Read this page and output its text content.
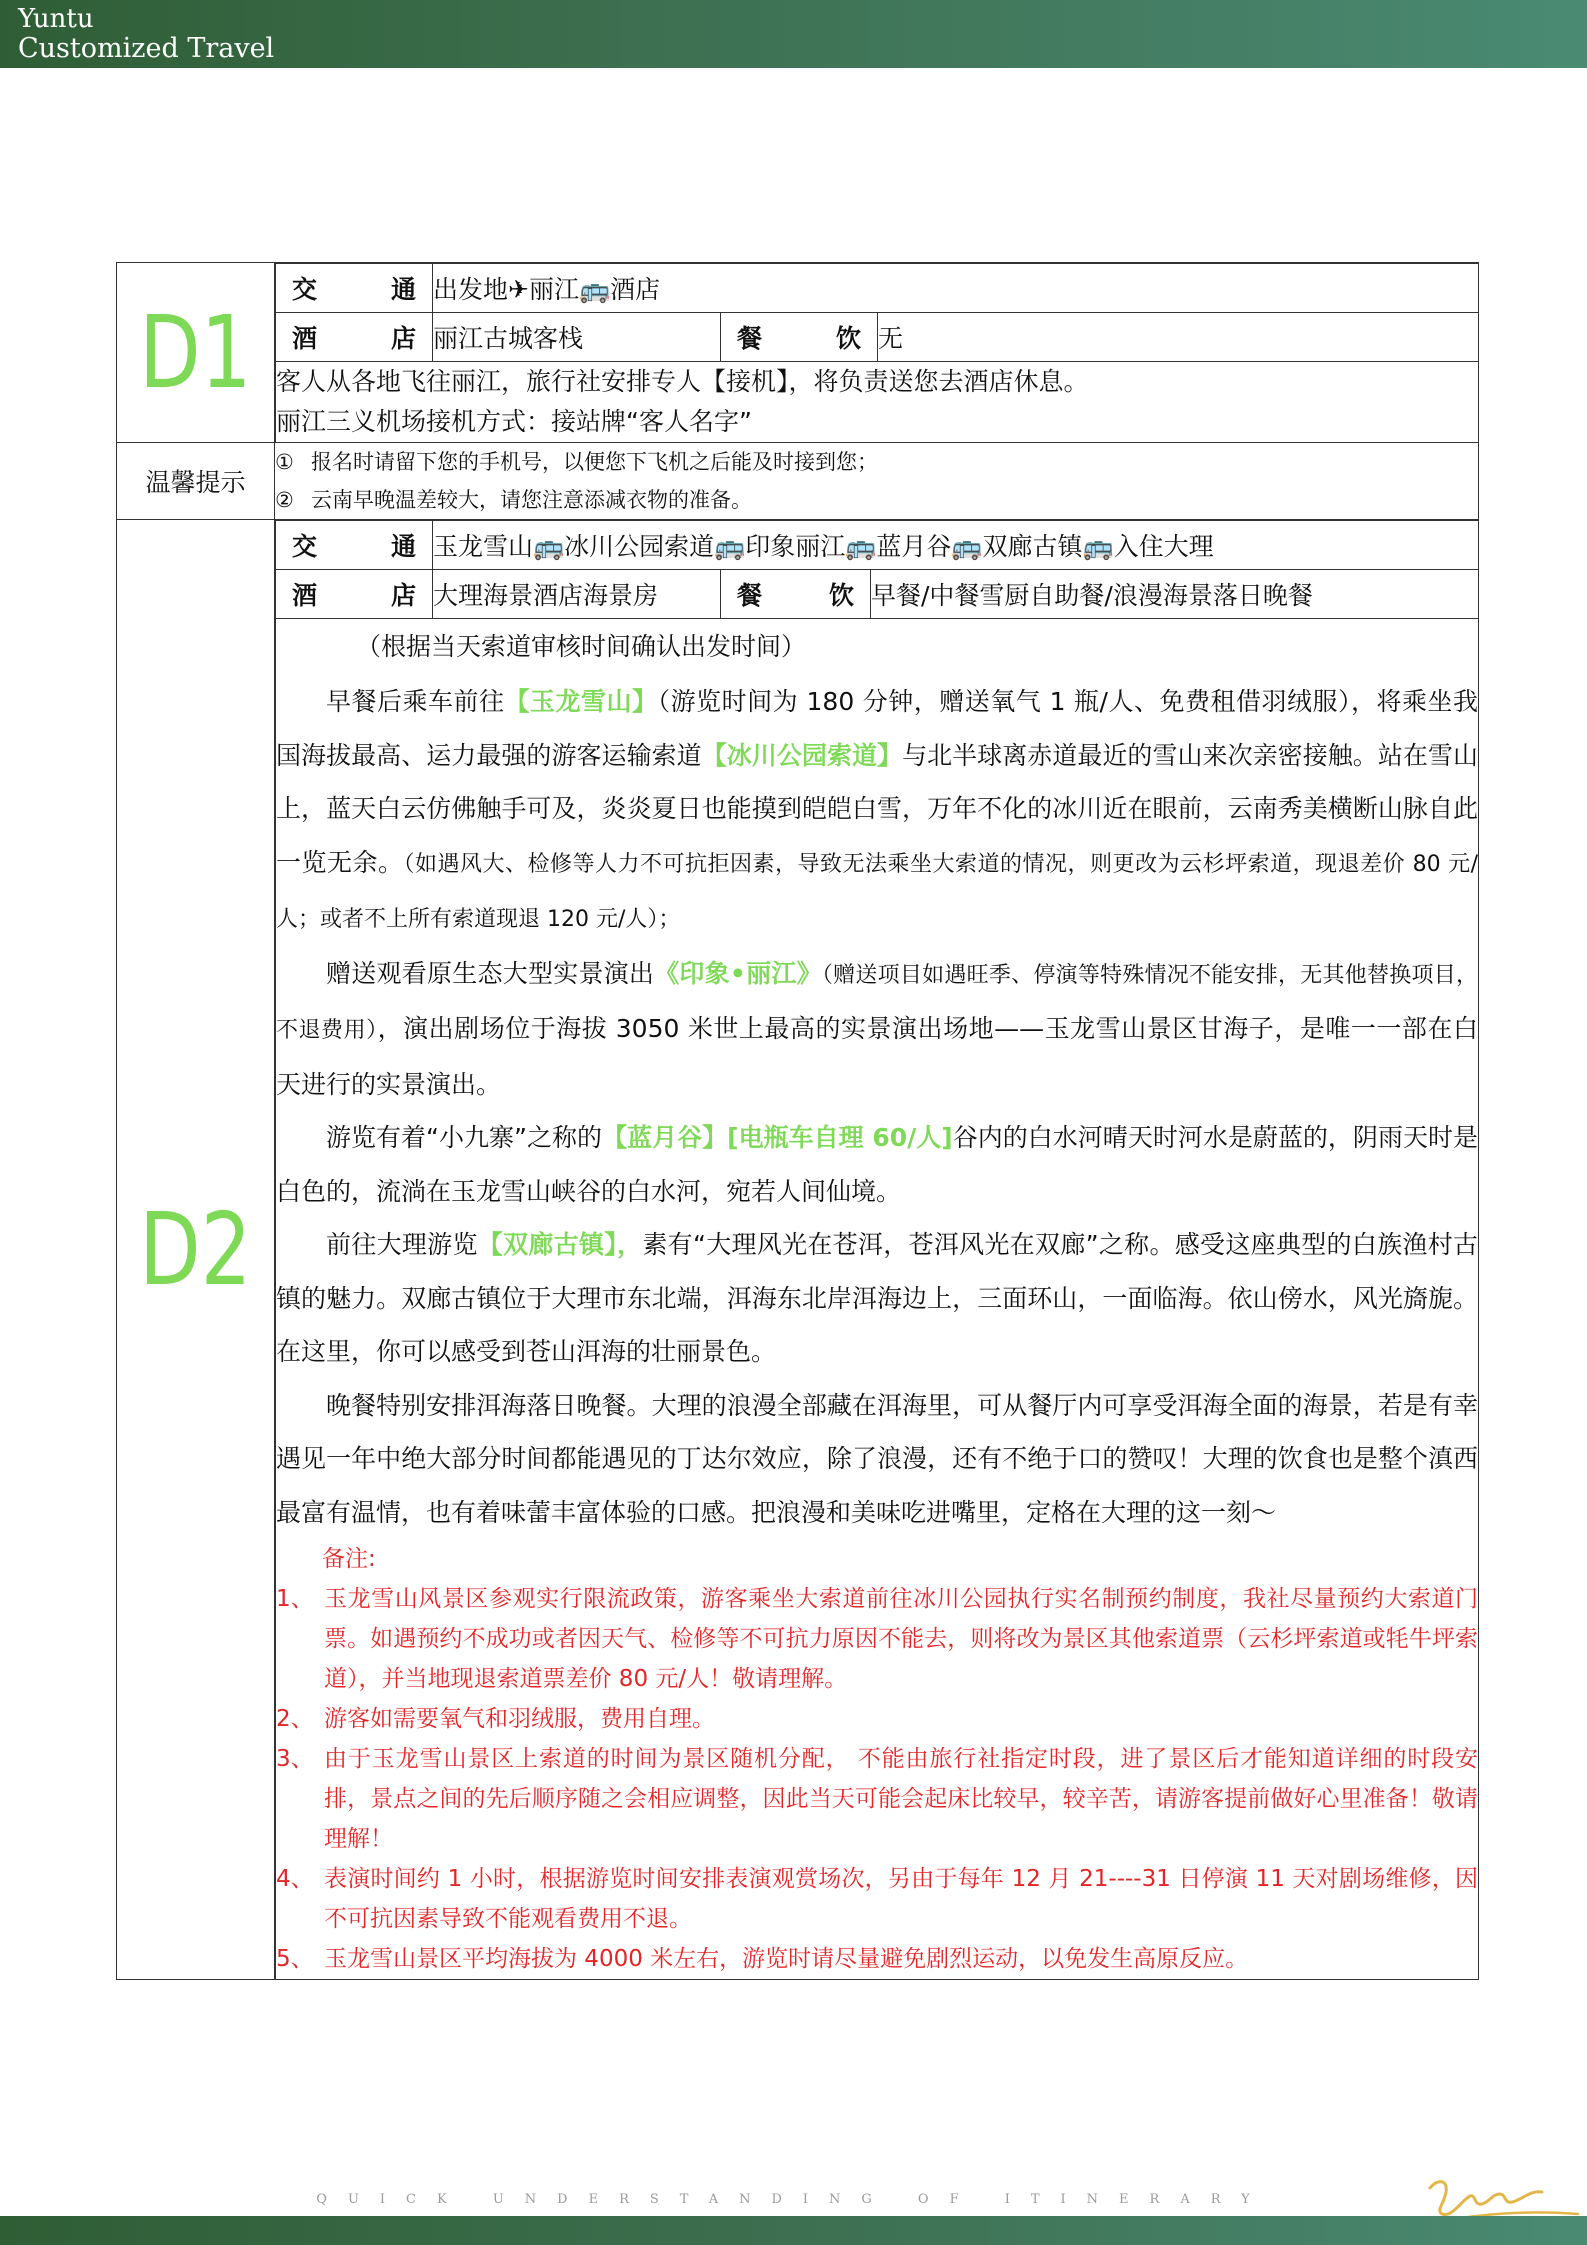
Yuntu
Customized Travel
D1	
交 通	出发地✈丽江🚌酒店
酒 店	丽江古城客栈	餐 饮	无

客人从各地飞往丽江，旅行社安排专人【接机】，将负责送您去酒店休息。
丽江三义机场接机方式：接站牌“客人名字”

温馨提示	
① 报名时请留下您的手机号，以便您下飞机之后能及时接到您；
② 云南早晚温差较大，请您注意添减衣物的准备。

D2	
交 通	玉龙雪山🚌冰川公园索道🚌印象丽江🚌蓝月谷🚌双廊古镇🚌入住大理
酒 店	大理海景酒店海景房	餐 饮	早餐/中餐雪厨自助餐/浪漫海景落日晚餐

（根据当天索道审核时间确认出发时间）

早餐后乘车前往【玉龙雪山】（游览时间为 180 分钟，赠送氧气 1 瓶/人、免费租借羽绒服），将乘坐我国海拔最高、运力最强的游客运输索道【冰川公园索道】与北半球离赤道最近的雪山来次亲密接触。站在雪山上，蓝天白云仿佛触手可及，炎炎夏日也能摸到皑皑白雪，万年不化的冰川近在眼前，云南秀美横断山脉自此一览无余。（如遇风大、检修等人力不可抗拒因素，导致无法乘坐大索道的情况，则更改为云杉坪索道，现退差价 80 元/人；或者不上所有索道现退 120 元/人）；

赠送观看原生态大型实景演出《印象•丽江》（赠送项目如遇旺季、停演等特殊情况不能安排，无其他替换项目，不退费用），演出剧场位于海拔 3050 米世上最高的实景演出场地——玉龙雪山景区甘海子，是唯一一部在白天进行的实景演出。

游览有着“小九寨”之称的【蓝月谷】[电瓶车自理 60/人]谷内的白水河晴天时河水是蔚蓝的，阴雨天时是白色的，流淌在玉龙雪山峡谷的白水河，宛若人间仙境。

前往大理游览【双廊古镇】，素有“大理风光在苍洱，苍洱风光在双廊”之称。感受这座典型的白族渔村古镇的魅力。双廊古镇位于大理市东北端，洱海东北岸洱海边上，三面环山，一面临海。依山傍水，风光旖旎。在这里，你可以感受到苍山洱海的壮丽景色。

晚餐特别安排洱海落日晚餐。大理的浪漫全部藏在洱海里，可从餐厅内可享受洱海全面的海景，若是有幸遇见一年中绝大部分时间都能遇见的丁达尔效应，除了浪漫，还有不绝于口的赞叹！大理的饮食也是整个滇西最富有温情，也有着味蕾丰富体验的口感。把浪漫和美味吃进嘴里，定格在大理的这一刻～

备注:

1、 玉龙雪山风景区参观实行限流政策，游客乘坐大索道前往冰川公园执行实名制预约制度，我社尽量预约大索道门票。如遇预约不成功或者因天气、检修等不可抗力原因不能去，则将改为景区其他索道票（云杉坪索道或牦牛坪索道），并当地现退索道票差价 80 元/人！敬请理解。
2、 游客如需要氧气和羽绒服，费用自理。
3、 由于玉龙雪山景区上索道的时间为景区随机分配， 不能由旅行社指定时段，进了景区后才能知道详细的时段安排，景点之间的先后顺序随之会相应调整，因此当天可能会起床比较早，较辛苦，请游客提前做好心里准备！敬请理解！
4、 表演时间约 1 小时，根据游览时间安排表演观赏场次，另由于每年 12 月 21----31 日停演 11 天对剧场维修，因不可抗因素导致不能观看费用不退。
5、 玉龙雪山景区平均海拔为 4000 米左右，游览时请尽量避免剧烈运动，以免发生高原反应。
QUICK UNDERSTANDING OF ITINERARY
